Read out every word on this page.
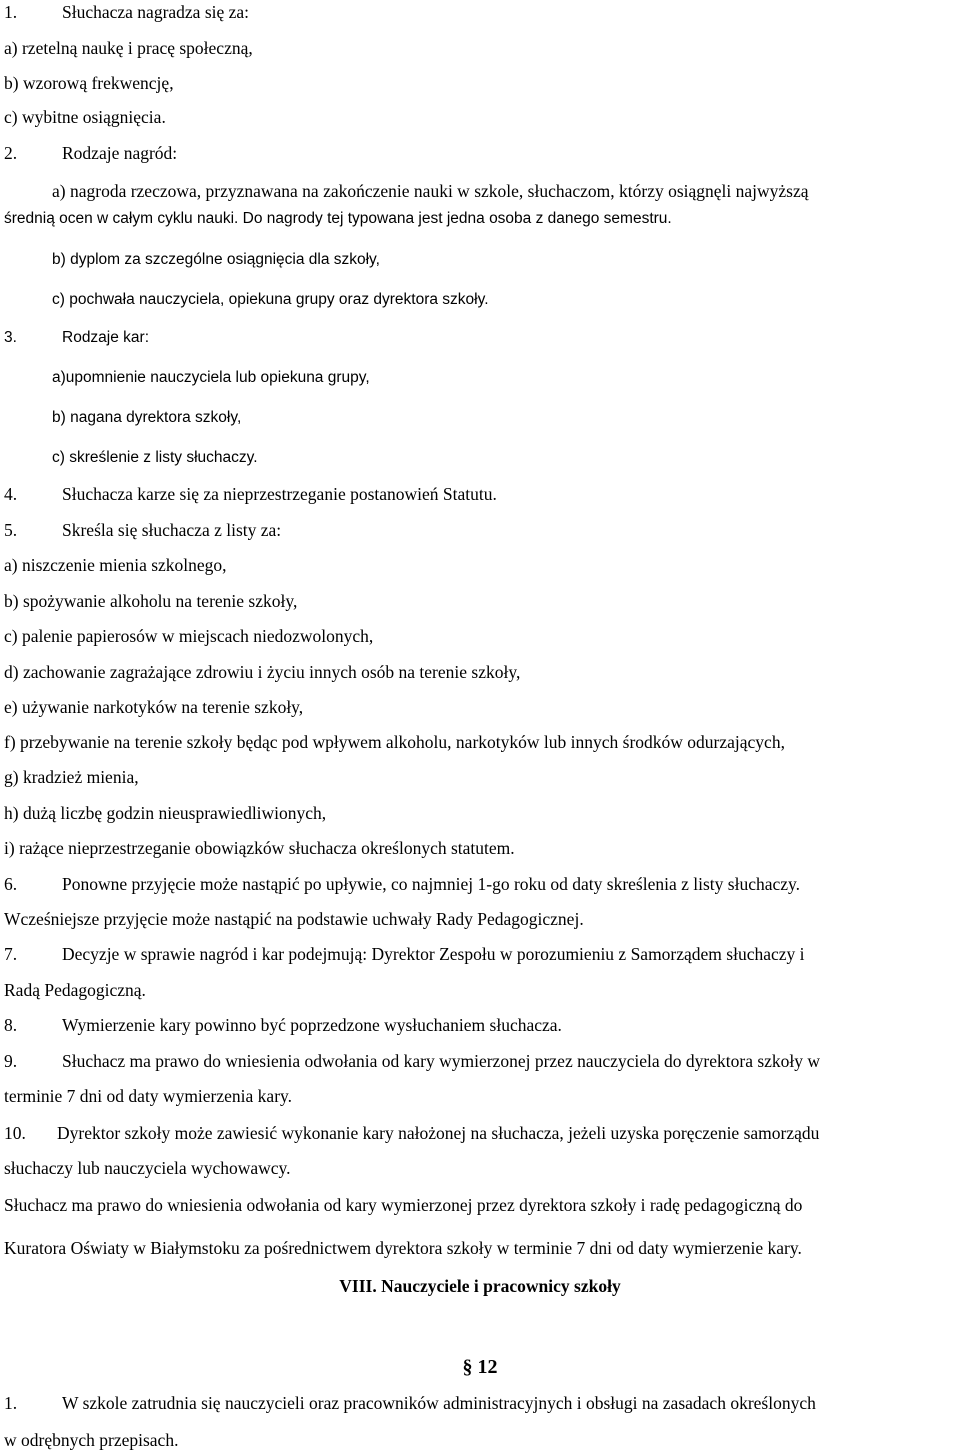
1.	Słuchacza nagradza się za:
a) rzetelną naukę i pracę społeczną,
b) wzorową frekwencję,
c) wybitne osiągnięcia.
2.	Rodzaje nagród:
a) nagroda rzeczowa, przyznawana na zakończenie nauki w szkole, słuchaczom, którzy osiągnęli najwyższą
średnią ocen w całym cyklu nauki. Do nagrody tej typowana jest jedna osoba z danego semestru.
b) dyplom za szczególne osiągnięcia dla szkoły,
c) pochwała nauczyciela, opiekuna grupy oraz dyrektora szkoły.
3.	Rodzaje kar:
a)upomnienie nauczyciela lub opiekuna grupy,
b) nagana dyrektora szkoły,
c) skreślenie z listy słuchaczy.
4.	Słuchacza karze się za nieprzestrzeganie postanowień Statutu.
5.	Skreśla się słuchacza z listy za:
a) niszczenie mienia szkolnego,
b) spożywanie alkoholu na terenie szkoły,
c) palenie papierosów w miejscach niedozwolonych,
d) zachowanie zagrażające zdrowiu i życiu innych osób na terenie szkoły,
e) używanie narkotyków na terenie szkoły,
f) przebywanie na terenie szkoły będąc pod wpływem alkoholu, narkotyków lub innych środków odurzających,
g) kradzież mienia,
h) dużą liczbę godzin nieusprawiedliwionych,
i) rażące nieprzestrzeganie obowiązków słuchacza określonych statutem.
6.	Ponowne przyjęcie może nastąpić po upływie, co najmniej 1-go roku od daty skreślenia z listy słuchaczy.
Wcześniejsze przyjęcie może nastąpić na podstawie uchwały Rady Pedagogicznej.
7.	Decyzje w sprawie nagród i kar podejmują: Dyrektor Zespołu w porozumieniu z Samorządem słuchaczy i
Radą Pedagogiczną.
8.	Wymierzenie kary powinno być poprzedzone wysłuchaniem słuchacza.
9.	Słuchacz ma prawo do wniesienia odwołania od kary wymierzonej przez nauczyciela do dyrektora szkoły w
terminie 7 dni od daty wymierzenia kary.
10. Dyrektor szkoły może zawiesić wykonanie kary nałożonej na słuchacza, jeżeli uzyska poręczenie samorządu
słuchaczy lub nauczyciela wychowawcy.
Słuchacz ma prawo do wniesienia odwołania od kary wymierzonej przez dyrektora szkoły i radę pedagogiczną do
Kuratora Oświaty w Białymstoku za pośrednictwem dyrektora szkoły w terminie 7 dni od daty wymierzenie kary.
VIII. Nauczyciele i pracownicy szkoły
§ 12
1.	W szkole zatrudnia się nauczycieli oraz pracowników administracyjnych i obsługi na zasadach określonych
w odrębnych przepisach.
